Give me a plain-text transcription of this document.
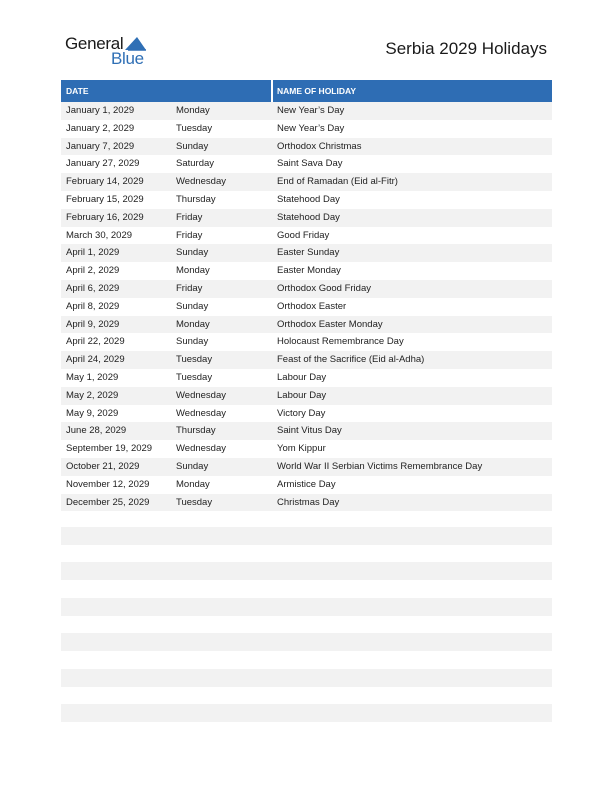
General
Blue
Serbia 2029 Holidays
DATE	NAME OF HOLIDAY
January 1, 2029	Monday	New Year’s Day
January 2, 2029	Tuesday	New Year’s Day
January 7, 2029	Sunday	Orthodox Christmas
January 27, 2029	Saturday	Saint Sava Day
February 14, 2029	Wednesday	End of Ramadan (Eid al-Fitr)
February 15, 2029	Thursday	Statehood Day
February 16, 2029	Friday	Statehood Day
March 30, 2029	Friday	Good Friday
April 1, 2029	Sunday	Easter Sunday
April 2, 2029	Monday	Easter Monday
April 6, 2029	Friday	Orthodox Good Friday
April 8, 2029	Sunday	Orthodox Easter
April 9, 2029	Monday	Orthodox Easter Monday
April 22, 2029	Sunday	Holocaust Remembrance Day
April 24, 2029	Tuesday	Feast of the Sacrifice (Eid al-Adha)
May 1, 2029	Tuesday	Labour Day
May 2, 2029	Wednesday	Labour Day
May 9, 2029	Wednesday	Victory Day
June 28, 2029	Thursday	Saint Vitus Day
September 19, 2029	Wednesday	Yom Kippur
October 21, 2029	Sunday	World War II Serbian Victims Remembrance Day
November 12, 2029	Monday	Armistice Day
December 25, 2029	Tuesday	Christmas Day
